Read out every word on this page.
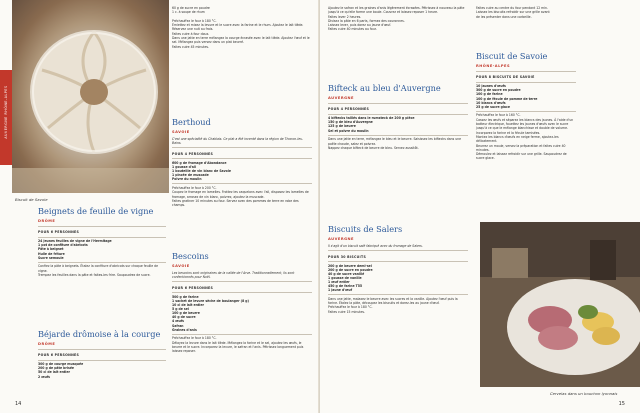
AUVERGNE RHÔNE-ALPES
Biscuit de Savoie
60 g de sucre en poudre
1 c. à soupe de rhum

Préchauffez le four à 180 °C.
Émiettez et mixez la levure et le sucre avec la farine et le rhum. Ajoutez le lait tiède.
Réservez une nuit au frais.
Faites cuire à four doux.
Dans une jatte en terre mélangez la courge écrasée avec le lait tiède. Ajoutez l'œuf et le sel. Mélangez puis versez dans un plat beurré.
Faites cuire 45 minutes.
Berthoud
SAVOIE
C'est une spécialité du Chablais. Ce plat a été inventé dans la région de Thonon-les-Bains.
POUR 4 PERSONNES
600 g de fromage d'Abondance
1 gousse d'ail
1 bouteille de vin blanc de Savoie
1 pincée de muscade
Poivre du moulin
Préchauffez le four à 200 °C.
Coupez le fromage en lamelles. Frottez les caquelons avec l'ail, disposez les lamelles de fromage, arrosez de vin blanc, poivrez, ajoutez la muscade.
Faites gratiner 10 minutes au four. Servez avec des pommes de terre en robe des champs.
Bescoins
SAVOIE
Les bescoins sont originaires de la vallée de l'Arve. Traditionnellement, ils sont confectionnés pour Noël.
POUR 6 PERSONNES
500 g de farine
1 sachet de levure sèche de boulanger (8 g)
10 cl de lait entier
5 g de sel
100 g de beurre
40 g de sucre
4 œufs
Safran
Graines d'anis
Préchauffez le four à 180 °C.
Délayez la levure dans le lait tiède. Mélangez la farine et le sel, ajoutez les œufs, le beurre et le sucre. Incorporez la levure, le safran et l'anis. Pétrissez longuement puis laissez reposer.
Beignets de feuille de vigne
DRÔME
POUR 6 PERSONNES
24 jeunes feuilles de vigne de l'Hermitage
1 pot de confiture d'abricots
Pâte à beignet
Huile de friture
Sucre semoule
Confiez la pâte à beignets. Étalez la confiture d'abricots sur chaque feuille de vigne.
Trempez les feuilles dans la pâte et faites-les frire. Saupoudrez de sucre.
Béjarde drômoise à la courge
DRÔME
POUR 6 PERSONNES
300 g de courge musquée
200 g de pâte brisée
50 cl de lait entier
2 œufs
14
Ajoutez le safran et les graines d'anis légèrement écrasées. Pétrissez à nouveau la pâte jusqu'à ce qu'elle forme une boule. Couvrez et laissez reposer 1 heure.
Faites lever 2 heures.
Divisez la pâte en 6 parts, formez des couronnes.
Laissez lever, puis dorez au jaune d'œuf.
Faites cuire 40 minutes au four.
Bifteck au bleu d'Auvergne
AUVERGNE
POUR 4 PERSONNES
4 biftecks taillés dans le rumsteck de 200 g pièce
150 g de bleu d'Auvergne
125 g de beurre
Sel et poivre du moulin
Dans une jatte en terre, mélangez le bleu et le beurre. Saisissez les biftecks dans une poêle chaude, salez et poivrez.
Nappez chaque bifteck de beurre de bleu. Servez aussitôt.
Biscuits de Salers
AUVERGNE
Il s'agit d'un biscuit salé fabriqué avec du fromage de Salers.
POUR 30 BISCUITS
200 g de beurre demi-sel
200 g de sucre en poudre
40 g de sucre vanillé
1 gousse de vanille
1 œuf entier
450 g de farine T55
1 jaune d'œuf
Dans une jatte, malaxez le beurre avec les sucres et la vanille. Ajoutez l'œuf puis la farine. Étalez la pâte, découpez les biscuits et dorez-les au jaune d'œuf.
Préchauffez le four à 180 °C.
Faites cuire 15 minutes.
Faites cuire au centre du four pendant 12 min.
Laissez les biscuits refroidir sur une grille avant de les présenter dans une corbeille.
Biscuit de Savoie
RHÔNE-ALPES
POUR 8 BISCUITS DE SAVOIE
10 jaunes d'œufs
300 g de sucre en poudre
100 g de farine
100 g de fécule de pomme de terre
10 blancs d'œufs
25 g de sucre glace
Préchauffez le four à 160 °C.
Cassez les œufs et séparez les blancs des jaunes. À l'aide d'un batteur électrique, fouettez les jaunes d'œufs avec le sucre jusqu'à ce que le mélange blanchisse et double de volume. Incorporez la farine et la fécule tamisées.
Montez les blancs d'œufs en neige ferme, ajoutez-les délicatement.
Beurrez un moule, versez la préparation et faites cuire 40 minutes.
Démoulez et laissez refroidir sur une grille. Saupoudrez de sucre glace.
Cervelas dans un bouchon lyonnais
15
